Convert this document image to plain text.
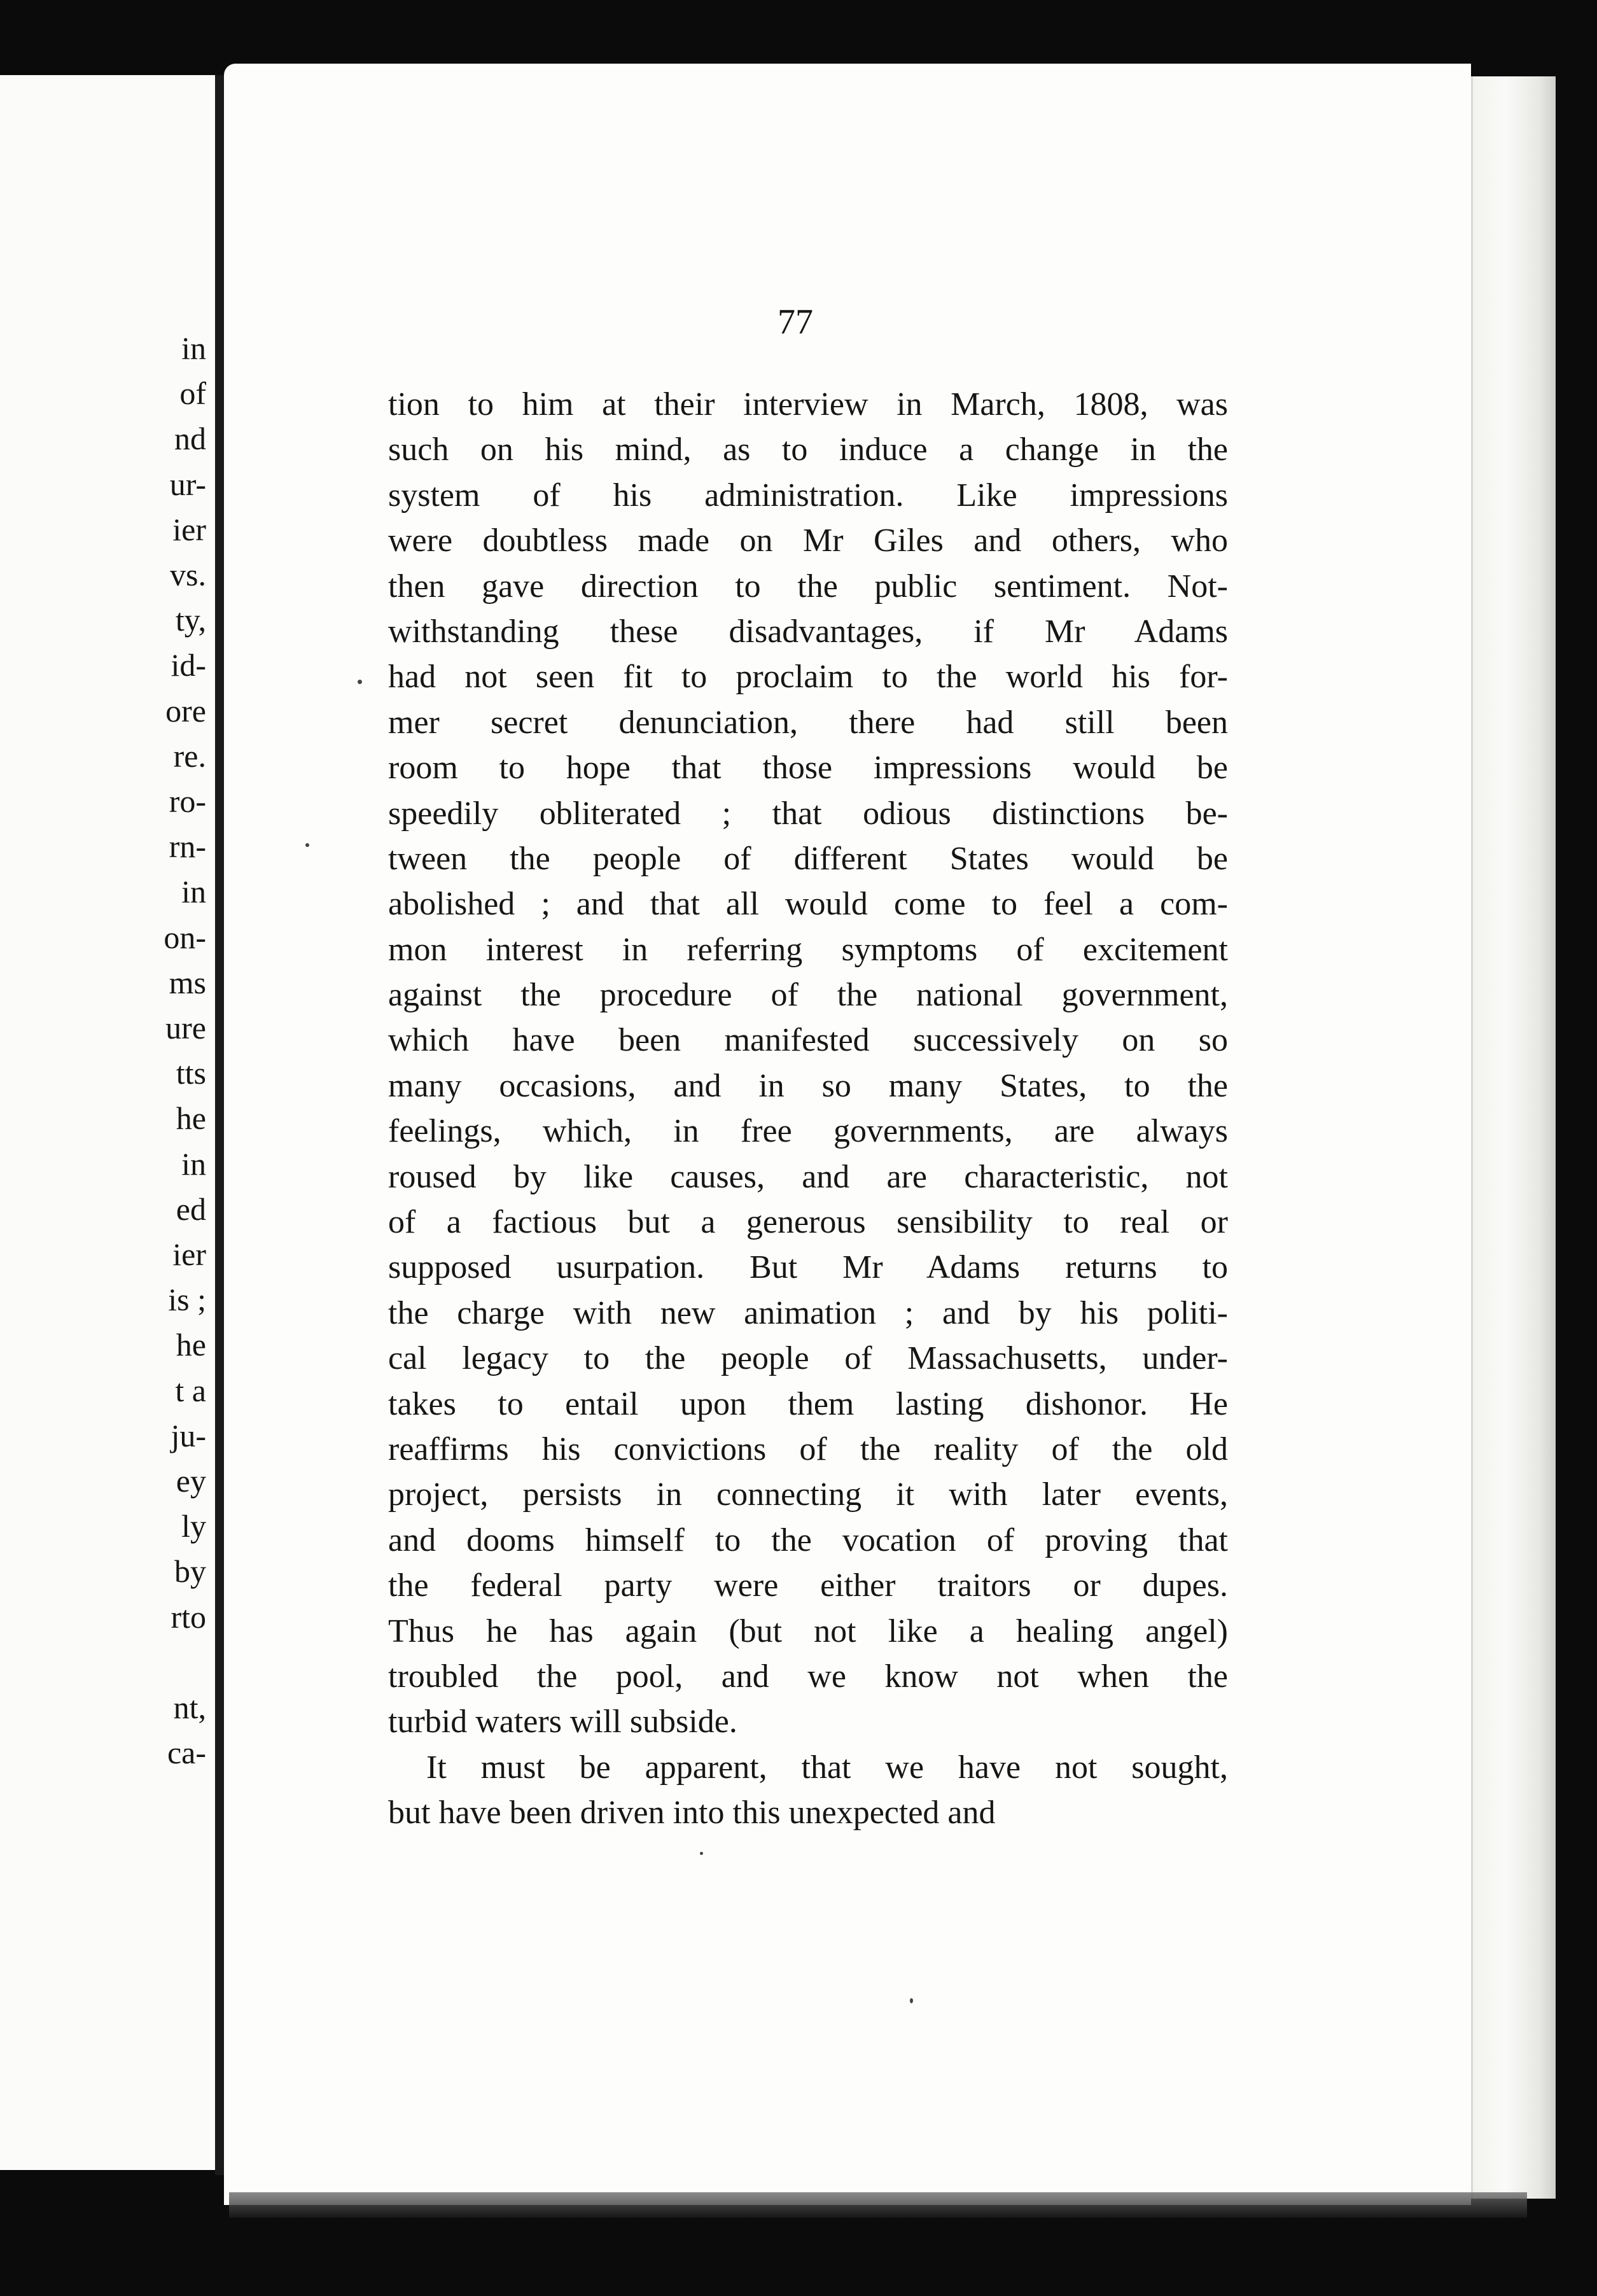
in
of
nd
ur-
ier
vs.
ty,
id-
ore
re.
ro-
rn-
in
on-
ms
ure
tts
he
in
ed
ier
is ;
he
t a
ju-
ey
ly
by
rto
nt,
ca-
77
tion to him at their interview in March, 1808, was
such on his mind, as to induce a change in the
system of his administration. Like impressions
were doubtless made on Mr Giles and others, who
then gave direction to the public sentiment. Not-
withstanding these disadvantages, if Mr Adams
had not seen fit to proclaim to the world his for-
mer secret denunciation, there had still been
room to hope that those impressions would be
speedily obliterated ; that odious distinctions be-
tween the people of different States would be
abolished ; and that all would come to feel a com-
mon interest in referring symptoms of excitement
against the procedure of the national government,
which have been manifested successively on so
many occasions, and in so many States, to the
feelings, which, in free governments, are always
roused by like causes, and are characteristic, not
of a factious but a generous sensibility to real or
supposed usurpation. But Mr Adams returns to
the charge with new animation ; and by his politi-
cal legacy to the people of Massachusetts, under-
takes to entail upon them lasting dishonor. He
reaffirms his convictions of the reality of the old
project, persists in connecting it with later events,
and dooms himself to the vocation of proving that
the federal party were either traitors or dupes.
Thus he has again (but not like a healing angel)
troubled the pool, and we know not when the
turbid waters will subside.
It must be apparent, that we have not sought,
but have been driven into this unexpected and
